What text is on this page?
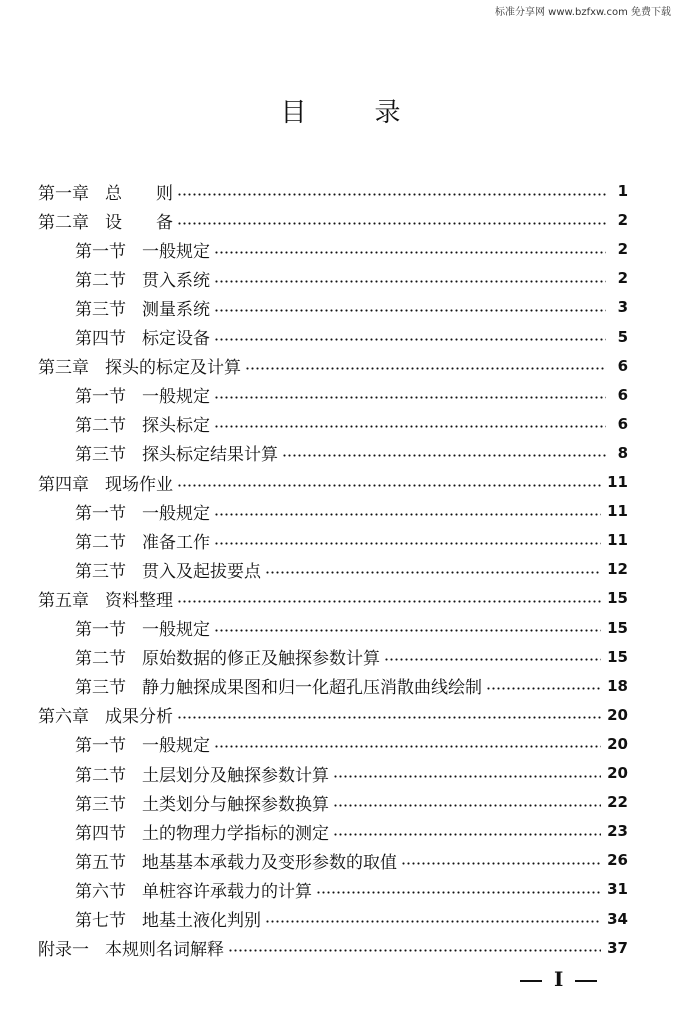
标准分享网 www.bzfxw.com 免费下载
目	录
第一章 总　　则	1
第二章 设　　备	2
第一节 一般规定	2
第二节 贯入系统	2
第三节 测量系统	3
第四节 标定设备	5
第三章 探头的标定及计算	6
第一节 一般规定	6
第二节 探头标定	6
第三节 探头标定结果计算	8
第四章 现场作业	11
第一节 一般规定	11
第二节 准备工作	11
第三节 贯入及起拔要点	12
第五章 资料整理	15
第一节 一般规定	15
第二节 原始数据的修正及触探参数计算	15
第三节 静力触探成果图和归一化超孔压消散曲线绘制	18
第六章 成果分析	20
第一节 一般规定	20
第二节 土层划分及触探参数计算	20
第三节 土类划分与触探参数换算	22
第四节 土的物理力学指标的测定	23
第五节 地基基本承载力及变形参数的取值	26
第六节 单桩容许承载力的计算	31
第七节 地基土液化判别	34
附录一 本规则名词解释	37
I
